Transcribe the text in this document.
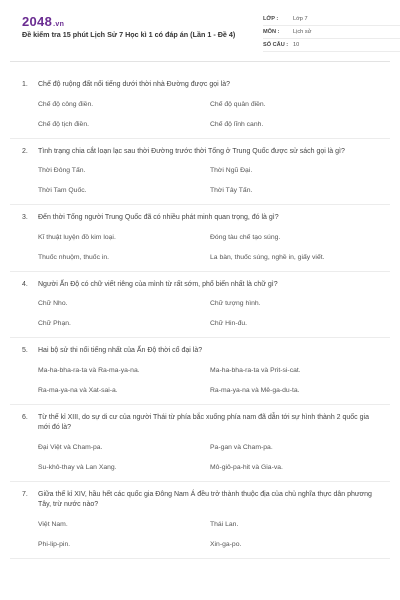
2048.vn
Đề kiểm tra 15 phút Lịch Sử 7 Học kì 1 có đáp án (Lần 1 - Đề 4)
LỚP :	Lớp 7
MÔN :	Lịch sử
SỐ CÂU : 10
1.	Chế độ ruộng đất nổi tiếng dưới thời nhà Đường được gọi là?
Chế độ công điền.	Chế độ quân điền.
Chế độ tịch điền.	Chế độ lĩnh canh.
2.	Tình trạng chia cắt loạn lạc sau thời Đường trước thời Tống ở Trung Quốc được sử sách gọi là gì?
Thời Đông Tấn.	Thời Ngũ Đại.
Thời Tam Quốc.	Thời Tây Tấn.
3.	Đến thời Tống người Trung Quốc đã có nhiều phát minh quan trọng, đó là gì?
Kĩ thuật luyện đồ kim loại.	Đóng tàu chế tạo súng.
Thuốc nhuộm, thuốc in.	La bàn, thuốc súng, nghề in, giấy viết.
4.	Người Ấn Độ có chữ viết riêng của mình từ rất sớm, phổ biến nhất là chữ gì?
Chữ Nho.	Chữ tượng hình.
Chữ Phạn.	Chữ Hin-đu.
5.	Hai bộ sử thi nổi tiếng nhất của Ấn Độ thời cổ đại là?
Ma-ha-bha-ra-ta và Ra-ma-ya-na.	Ma-ha-bha-ra-ta và Prit-si-cat.
Ra-ma-ya-na và Xat-sai-a.	Ra-ma-ya-na và Mê-ga-du-ta.
6.	Từ thế kỉ XIII, do sự di cư của người Thái từ phía bắc xuống phía nam đã dẫn tới sự hình thành 2 quốc gia mới đó là?
Đại Việt và Cham-pa.	Pa-gan và Cham-pa.
Su-khô-thay và Lan Xang.	Mô-giô-pa-hit và Gia-va.
7.	Giữa thế kỉ XIV, hầu hết các quốc gia Đông Nam Á đều trở thành thuộc địa của chủ nghĩa thực dân phương Tây, trừ nước nào?
Việt Nam.	Thái Lan.
Phi-lip-pin.	Xin-ga-po.
